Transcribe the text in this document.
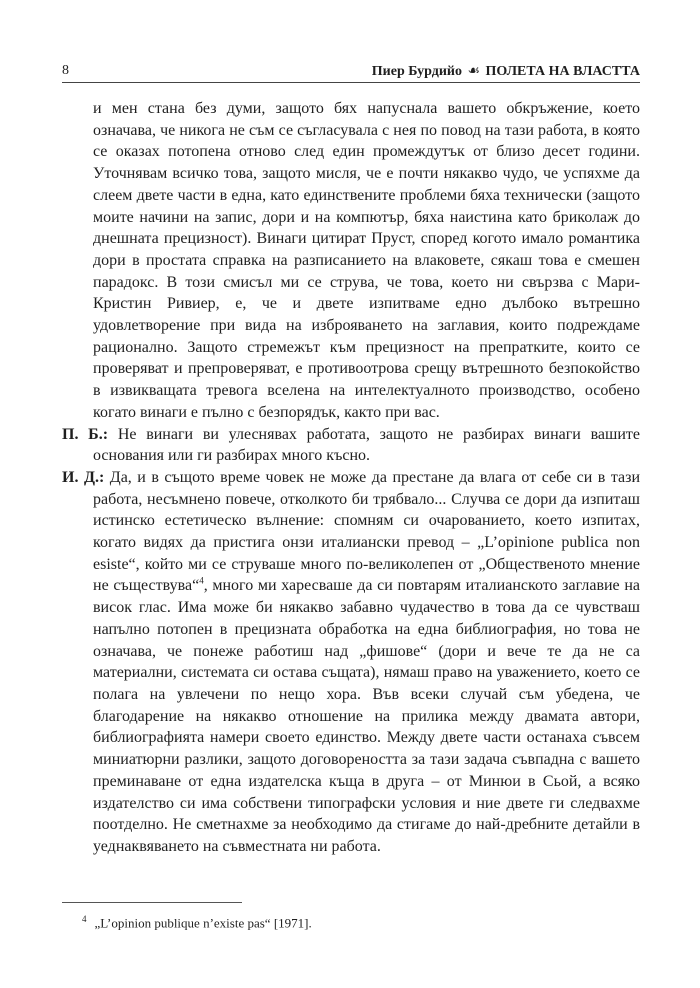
8	Пиер Бурдийо ☙ ПОЛЕТА НА ВЛАСТТА

и мен стана без думи, защото бях напуснала вашето обкръжение, което означава, че никога не съм се съгласувала с нея по повод на тази работа, в която се оказах потопена отново след един промеждутък от близо десет години. Уточнявам всичко това, защото мисля, че е почти някакво чудо, че успяхме да слеем двете части в една, като единствените проблеми бяха технически (защото моите начини на запис, дори и на компютър, бяха наистина като бриколаж до днешната прецизност). Винаги цитират Пруст, според когото имало романтика дори в простата справка на разписанието на влаковете, сякаш това е смешен парадокс. В този смисъл ми се струва, че това, което ни свързва с Мари-Кристин Ривиер, е, че и двете изпитваме едно дълбоко вътрешно удовлетворение при вида на изброяването на заглавия, които подреждаме рационално. Защото стремежът към прецизност на препратките, които се проверяват и препроверяват, е противоотрова срещу вътрешното безпокойство в извикващата тревога вселена на интелектуалното производство, особено когато винаги е пълно с безпорядък, както при вас.

П. Б.: Не винаги ви улеснявах работата, защото не разбирах винаги вашите основания или ги разбирах много късно.

И. Д.: Да, и в същото време човек не може да престане да влага от себе си в тази работа, несъмнено повече, отколкото би трябвало... Случва се дори да изпиташ истинско естетическо вълнение: спомням си очарованието, което изпитах, когато видях да пристига онзи италиански превод – „L’opinione publica non esiste“, който ми се струваше много по-великолепен от „Общественото мнение не съществува“$^4$, много ми харесваше да си повтарям италианското заглавие на висок глас. Има може би някакво забавно чудачество в това да се чувстваш напълно потопен в прецизната обработка на една библиография, но това не означава, че понеже работиш над „фишове“ (дори и вече те да не са материални, системата си остава същата), нямаш право на уважението, което се полага на увлечени по нещо хора. Във всеки случай съм убедена, че благодарение на някакво отношение на прилика между двамата автори, библиографията намери своето единство. Между двете части останаха съвсем миниатюрни разлики, защото договореността за тази задача съвпадна с вашето преминаване от една издателска къща в друга – от Минюи в Сьой, а всяко издателство си има собствени типографски условия и ние двете ги следвахме поотделно. Не сметнахме за необходимо да стигаме до най-дребните детайли в уеднаквяването на съвместната ни работа.

$^4$ „L’opinion publique n’existe pas“ [1971].
